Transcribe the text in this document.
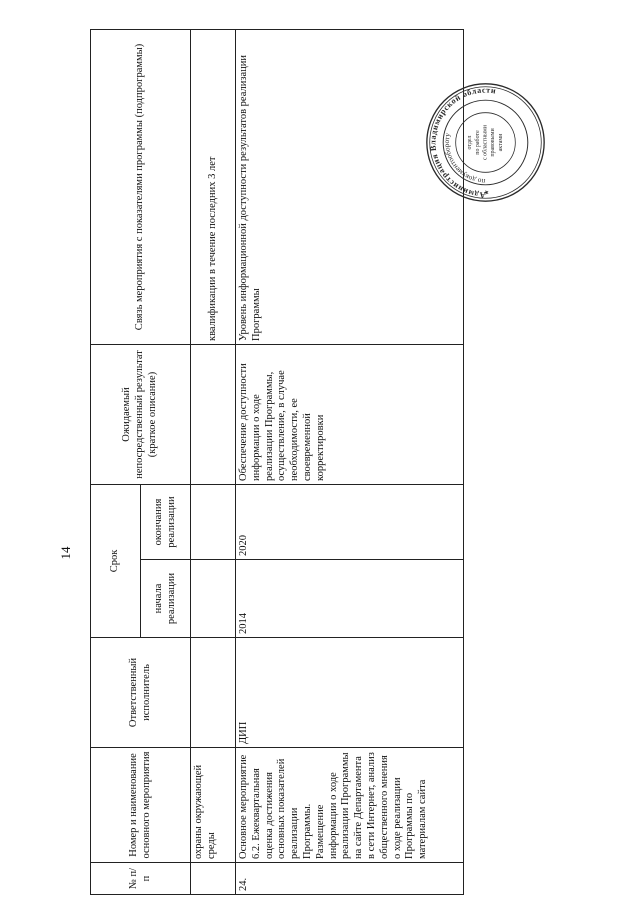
14
№ п/п	Номер и наименование основного мероприятия	Ответственный исполнитель	Срок		Ожидаемый непосредственный результат (краткое описание)	Связь мероприятия с показателями программы (подпрограммы)
			начала реализации	окончания реализации		
	охраны окружающей среды					квалификации в течение последних 3 лет
24.	Основное мероприятие 6.2. Ежеквартальная оценка достижения основных показателей реализации Программы. Размещение информации о ходе реализации Программы на сайте Департамента в сети Интернет, анализ общественного мнения о ходе реализации Программы по материалам сайта	ДИП	2014	2020	Обеспечение доступности информации о ходе реализации Программы, осуществление, в случае необходимости, ее своевременной корректировки	Уровень информационной доступности результатов реализации Программы
Администрация Владимирской области
по документообороту
отдел по работе с областными правовыми актами
★
